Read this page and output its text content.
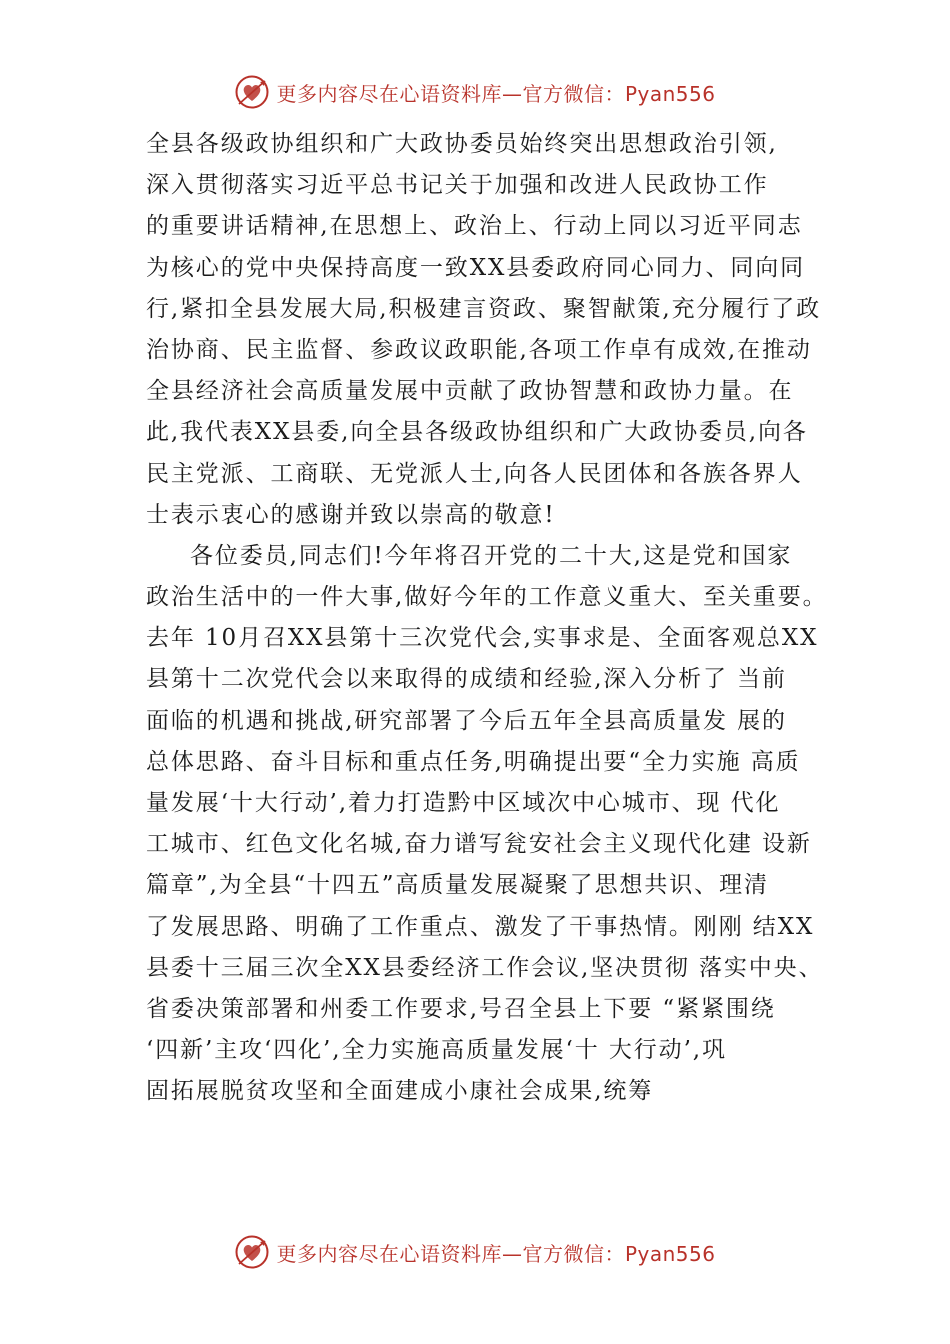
更多内容尽在心语资料库—官方微信：Pyan556
全县各级政协组织和广大政协委员始终突出思想政治引领,
深入贯彻落实习近平总书记关于加强和改进人民政协工作
的重要讲话精神,在思想上、政治上、行动上同以习近平同志
为核心的党中央保持高度一致XX县委政府同心同力、同向同
行,紧扣全县发展大局,积极建言资政、聚智献策,充分履行了政
治协商、民主监督、参政议政职能,各项工作卓有成效,在推动
全县经济社会高质量发展中贡献了政协智慧和政协力量。在
此,我代表XX县委,向全县各级政协组织和广大政协委员,向各
民主党派、工商联、无党派人士,向各人民团体和各族各界人
士表示衷心的感谢并致以崇高的敬意!
各位委员,同志们!今年将召开党的二十大,这是党和国家
政治生活中的一件大事,做好今年的工作意义重大、至关重要。
去年 10月召XX县第十三次党代会,实事求是、全面客观总XX
县第十二次党代会以来取得的成绩和经验,深入分析了 当前
面临的机遇和挑战,研究部署了今后五年全县高质量发 展的
总体思路、奋斗目标和重点任务,明确提出要“全力实施 高质
量发展‘十大行动’,着力打造黔中区域次中心城市、现 代化
工城市、红色文化名城,奋力谱写瓮安社会主义现代化建 设新
篇章”,为全县“十四五”高质量发展凝聚了思想共识、理清
了发展思路、明确了工作重点、激发了干事热情。刚刚 结XX
县委十三届三次全XX县委经济工作会议,坚决贯彻 落实中央、
省委决策部署和州委工作要求,号召全县上下要 “紧紧围绕
‘四新’主攻‘四化’,全力实施高质量发展‘十 大行动’,巩
固拓展脱贫攻坚和全面建成小康社会成果,统筹
更多内容尽在心语资料库—官方微信：Pyan556
